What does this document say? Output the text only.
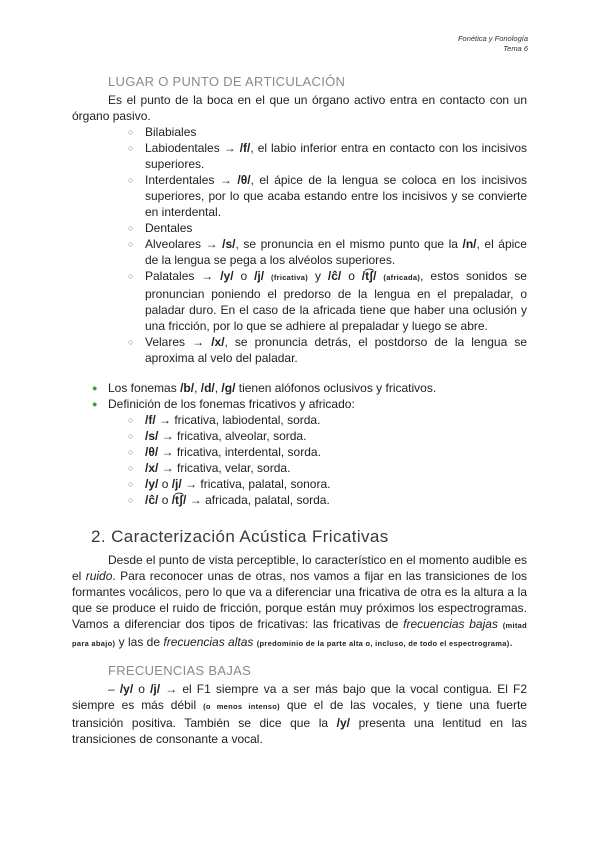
Fonética y Fonología
Tema 6
LUGAR O PUNTO DE ARTICULACIÓN

Es el punto de la boca en el que un órgano activo entra en contacto con un órgano pasivo.

○ Bilabiales
○ Labiodentales → /f/, el labio inferior entra en contacto con los incisivos superiores.
○ Interdentales → /θ/, el ápice de la lengua se coloca en los incisivos superiores, por lo que acaba estando entre los incisivos y se convierte en interdental.
○ Dentales
○ Alveolares → /s/, se pronuncia en el mismo punto que la /n/, el ápice de la lengua se pega a los alvéolos superiores.
○ Palatales → /y/ o /j/ (fricativa) y /ĉ/ o /t͡ʃ/ (africada), estos sonidos se pronuncian poniendo el predorso de la lengua en el prepaladar, o paladar duro. En el caso de la africada tiene que haber una oclusión y una fricción, por lo que se adhiere al prepaladar y luego se abre.
○ Velares → /x/, se pronuncia detrás, el postdorso de la lengua se aproxima al velo del paladar.
● Los fonemas /b/, /d/, /g/ tienen alófonos oclusivos y fricativos.
● Definición de los fonemas fricativos y africado:
○ /f/ → fricativa, labiodental, sorda.
○ /s/ → fricativa, alveolar, sorda.
○ /θ/ → fricativa, interdental, sorda.
○ /x/ → fricativa, velar, sorda.
○ /y/ o /j/ → fricativa, palatal, sonora.
○ /ĉ/ o /t͡ʃ/ → africada, palatal, sorda.
2. Caracterización Acústica Fricativas

Desde el punto de vista perceptible, lo característico en el momento audible es el ruido. Para reconocer unas de otras, nos vamos a fijar en las transiciones de los formantes vocálicos, pero lo que va a diferenciar una fricativa de otra es la altura a la que se produce el ruido de fricción, porque están muy próximos los espectrogramas. Vamos a diferenciar dos tipos de fricativas: las fricativas de frecuencias bajas (mitad para abajo) y las de frecuencias altas (predominio de la parte alta o, incluso, de todo el espectrograma).

FRECUENCIAS BAJAS

– /y/ o /j/ → el F1 siempre va a ser más bajo que la vocal contigua. El F2 siempre es más débil (o menos intenso) que el de las vocales, y tiene una fuerte transición positiva. También se dice que la /y/ presenta una lentitud en las transiciones de consonante a vocal.
